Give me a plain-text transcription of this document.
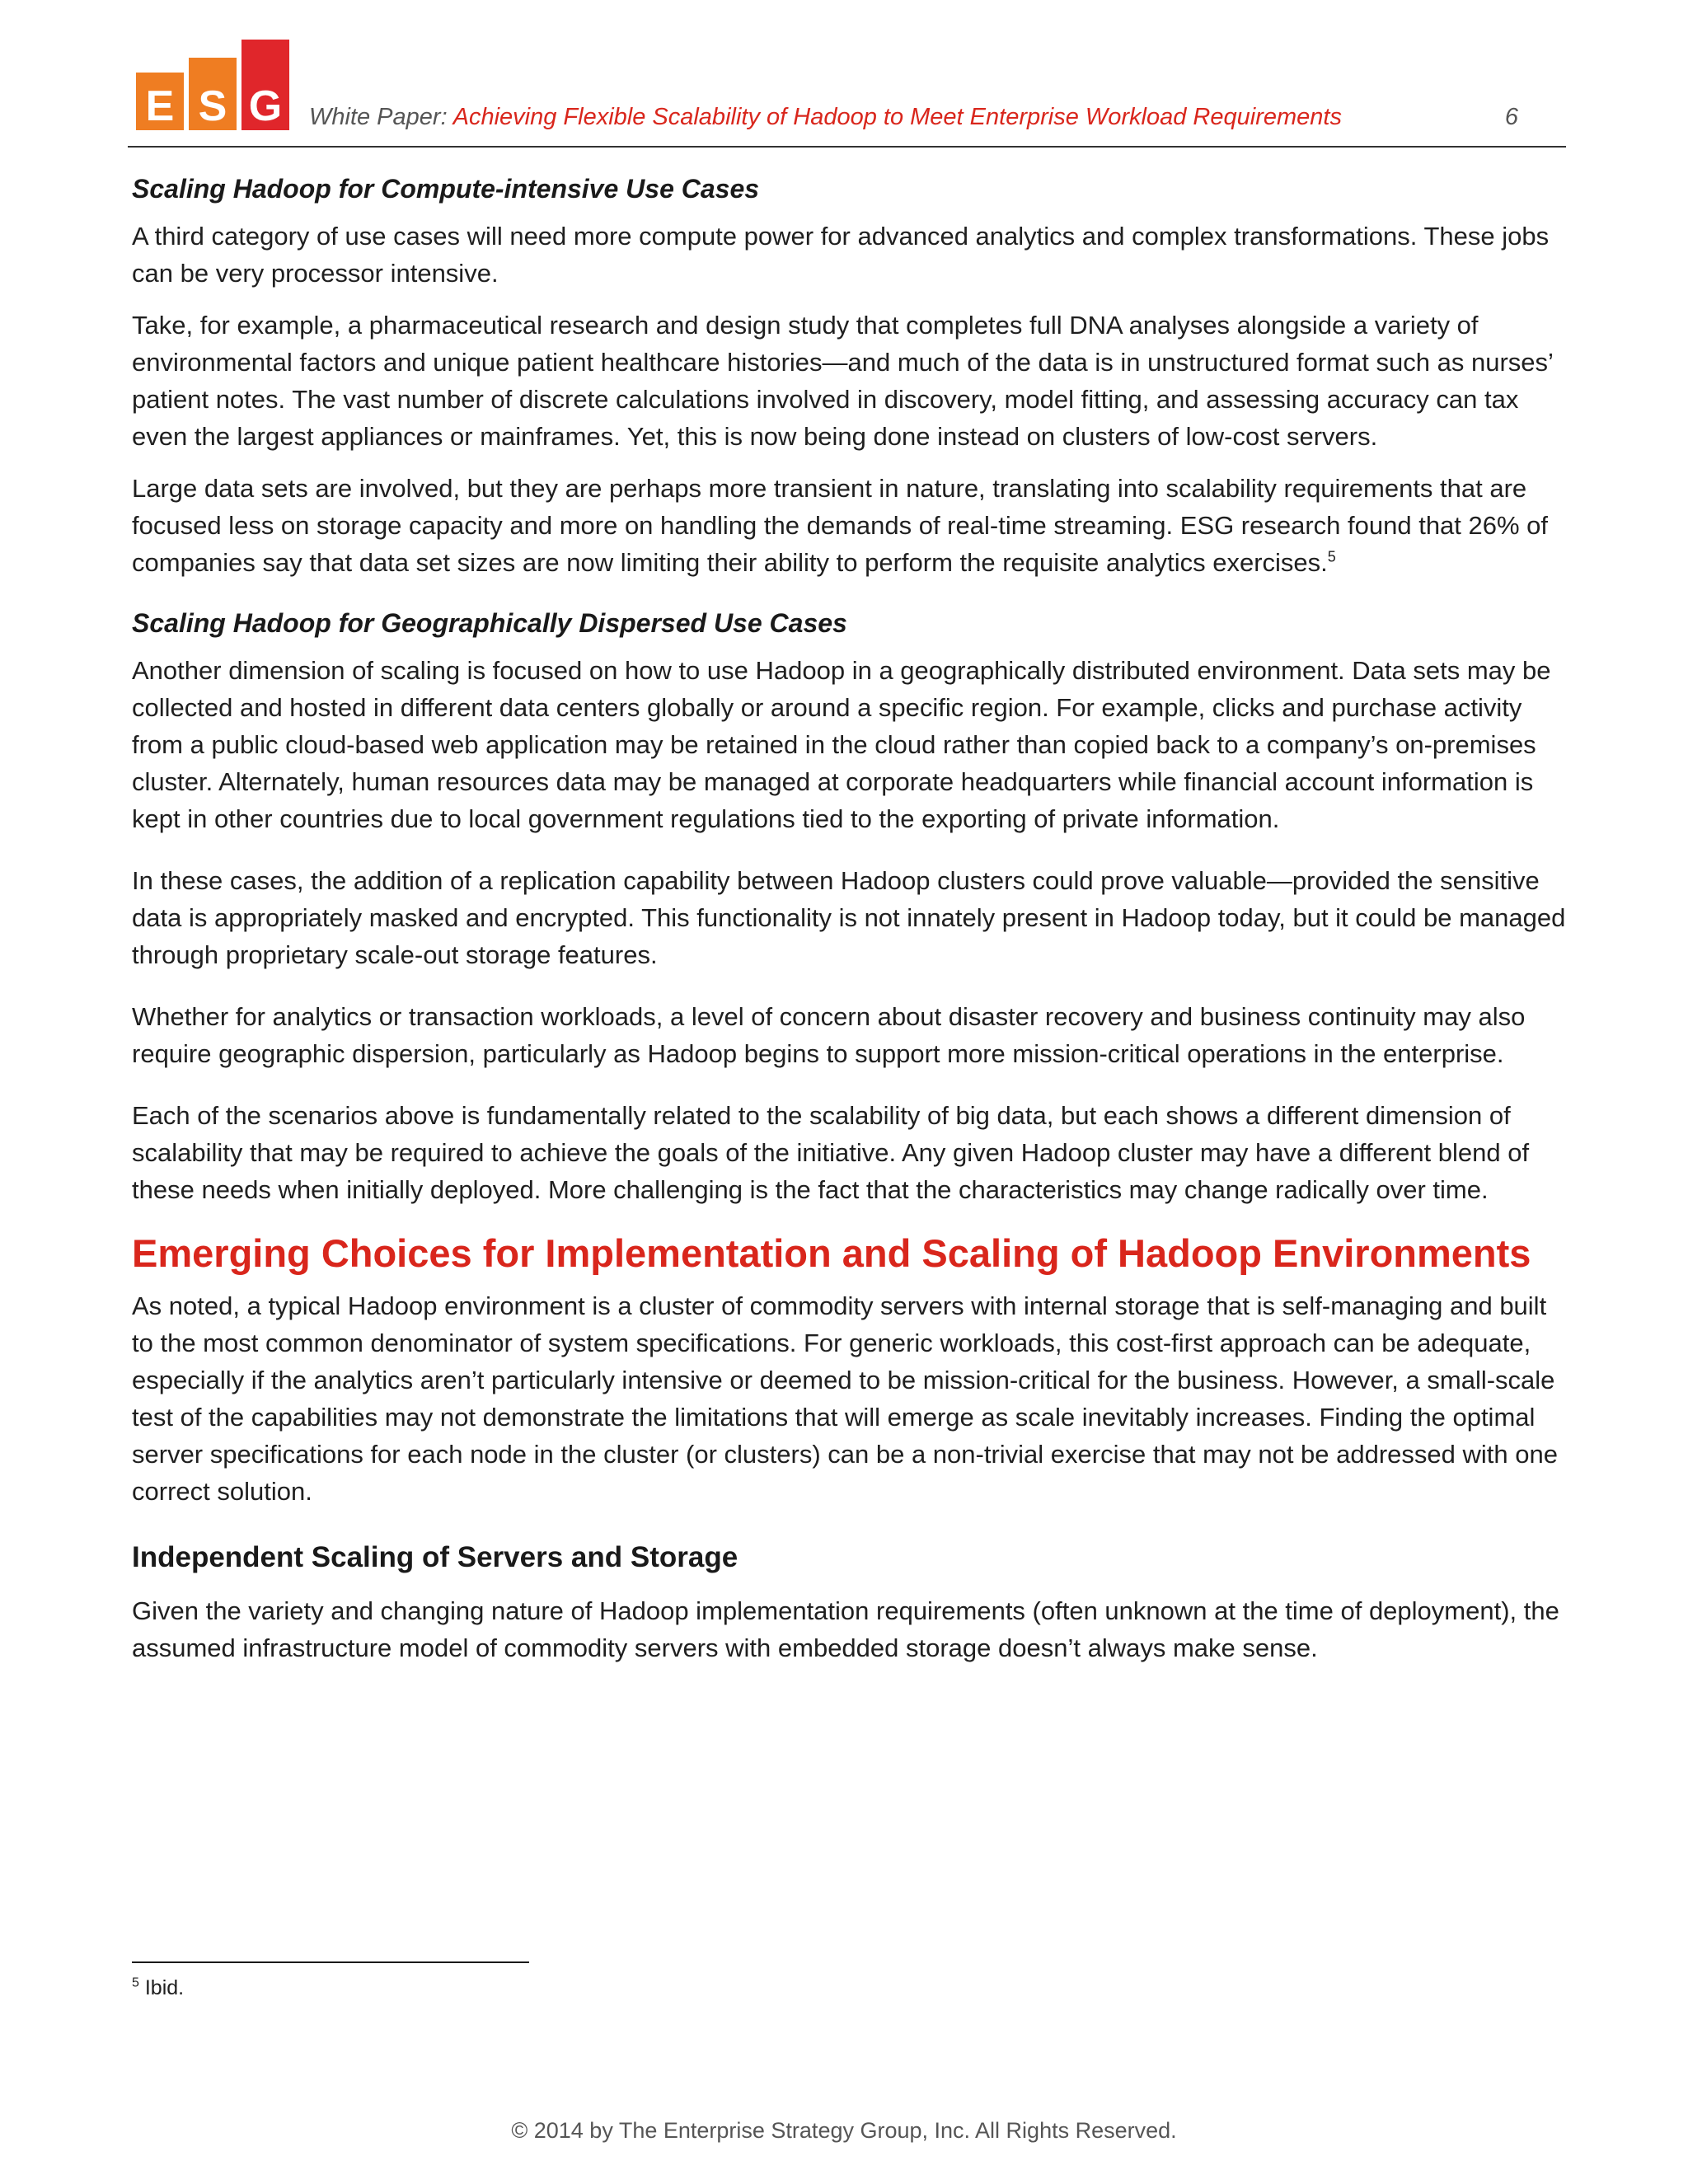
E S G White Paper: Achieving Flexible Scalability of Hadoop to Meet Enterprise Workload Requirements	6
Scaling Hadoop for Compute-intensive Use Cases

A third category of use cases will need more compute power for advanced analytics and complex transformations. These jobs can be very processor intensive.

Take, for example, a pharmaceutical research and design study that completes full DNA analyses alongside a variety of environmental factors and unique patient healthcare histories—and much of the data is in unstructured format such as nurses’ patient notes. The vast number of discrete calculations involved in discovery, model fitting, and assessing accuracy can tax even the largest appliances or mainframes. Yet, this is now being done instead on clusters of low-cost servers.

Large data sets are involved, but they are perhaps more transient in nature, translating into scalability requirements that are focused less on storage capacity and more on handling the demands of real-time streaming. ESG research found that 26% of companies say that data set sizes are now limiting their ability to perform the requisite analytics exercises.$^5$

Scaling Hadoop for Geographically Dispersed Use Cases

Another dimension of scaling is focused on how to use Hadoop in a geographically distributed environment. Data sets may be collected and hosted in different data centers globally or around a specific region. For example, clicks and purchase activity from a public cloud-based web application may be retained in the cloud rather than copied back to a company’s on-premises cluster. Alternately, human resources data may be managed at corporate headquarters while financial account information is kept in other countries due to local government regulations tied to the exporting of private information.

In these cases, the addition of a replication capability between Hadoop clusters could prove valuable—provided the sensitive data is appropriately masked and encrypted. This functionality is not innately present in Hadoop today, but it could be managed through proprietary scale-out storage features.

Whether for analytics or transaction workloads, a level of concern about disaster recovery and business continuity may also require geographic dispersion, particularly as Hadoop begins to support more mission-critical operations in the enterprise.

Each of the scenarios above is fundamentally related to the scalability of big data, but each shows a different dimension of scalability that may be required to achieve the goals of the initiative. Any given Hadoop cluster may have a different blend of these needs when initially deployed. More challenging is the fact that the characteristics may change radically over time.

Emerging Choices for Implementation and Scaling of Hadoop Environments

As noted, a typical Hadoop environment is a cluster of commodity servers with internal storage that is self-managing and built to the most common denominator of system specifications. For generic workloads, this cost-first approach can be adequate, especially if the analytics aren’t particularly intensive or deemed to be mission-critical for the business. However, a small-scale test of the capabilities may not demonstrate the limitations that will emerge as scale inevitably increases. Finding the optimal server specifications for each node in the cluster (or clusters) can be a non-trivial exercise that may not be addressed with one correct solution.

Independent Scaling of Servers and Storage

Given the variety and changing nature of Hadoop implementation requirements (often unknown at the time of deployment), the assumed infrastructure model of commodity servers with embedded storage doesn’t always make sense.

$^5$ Ibid.
© 2014 by The Enterprise Strategy Group, Inc. All Rights Reserved.
